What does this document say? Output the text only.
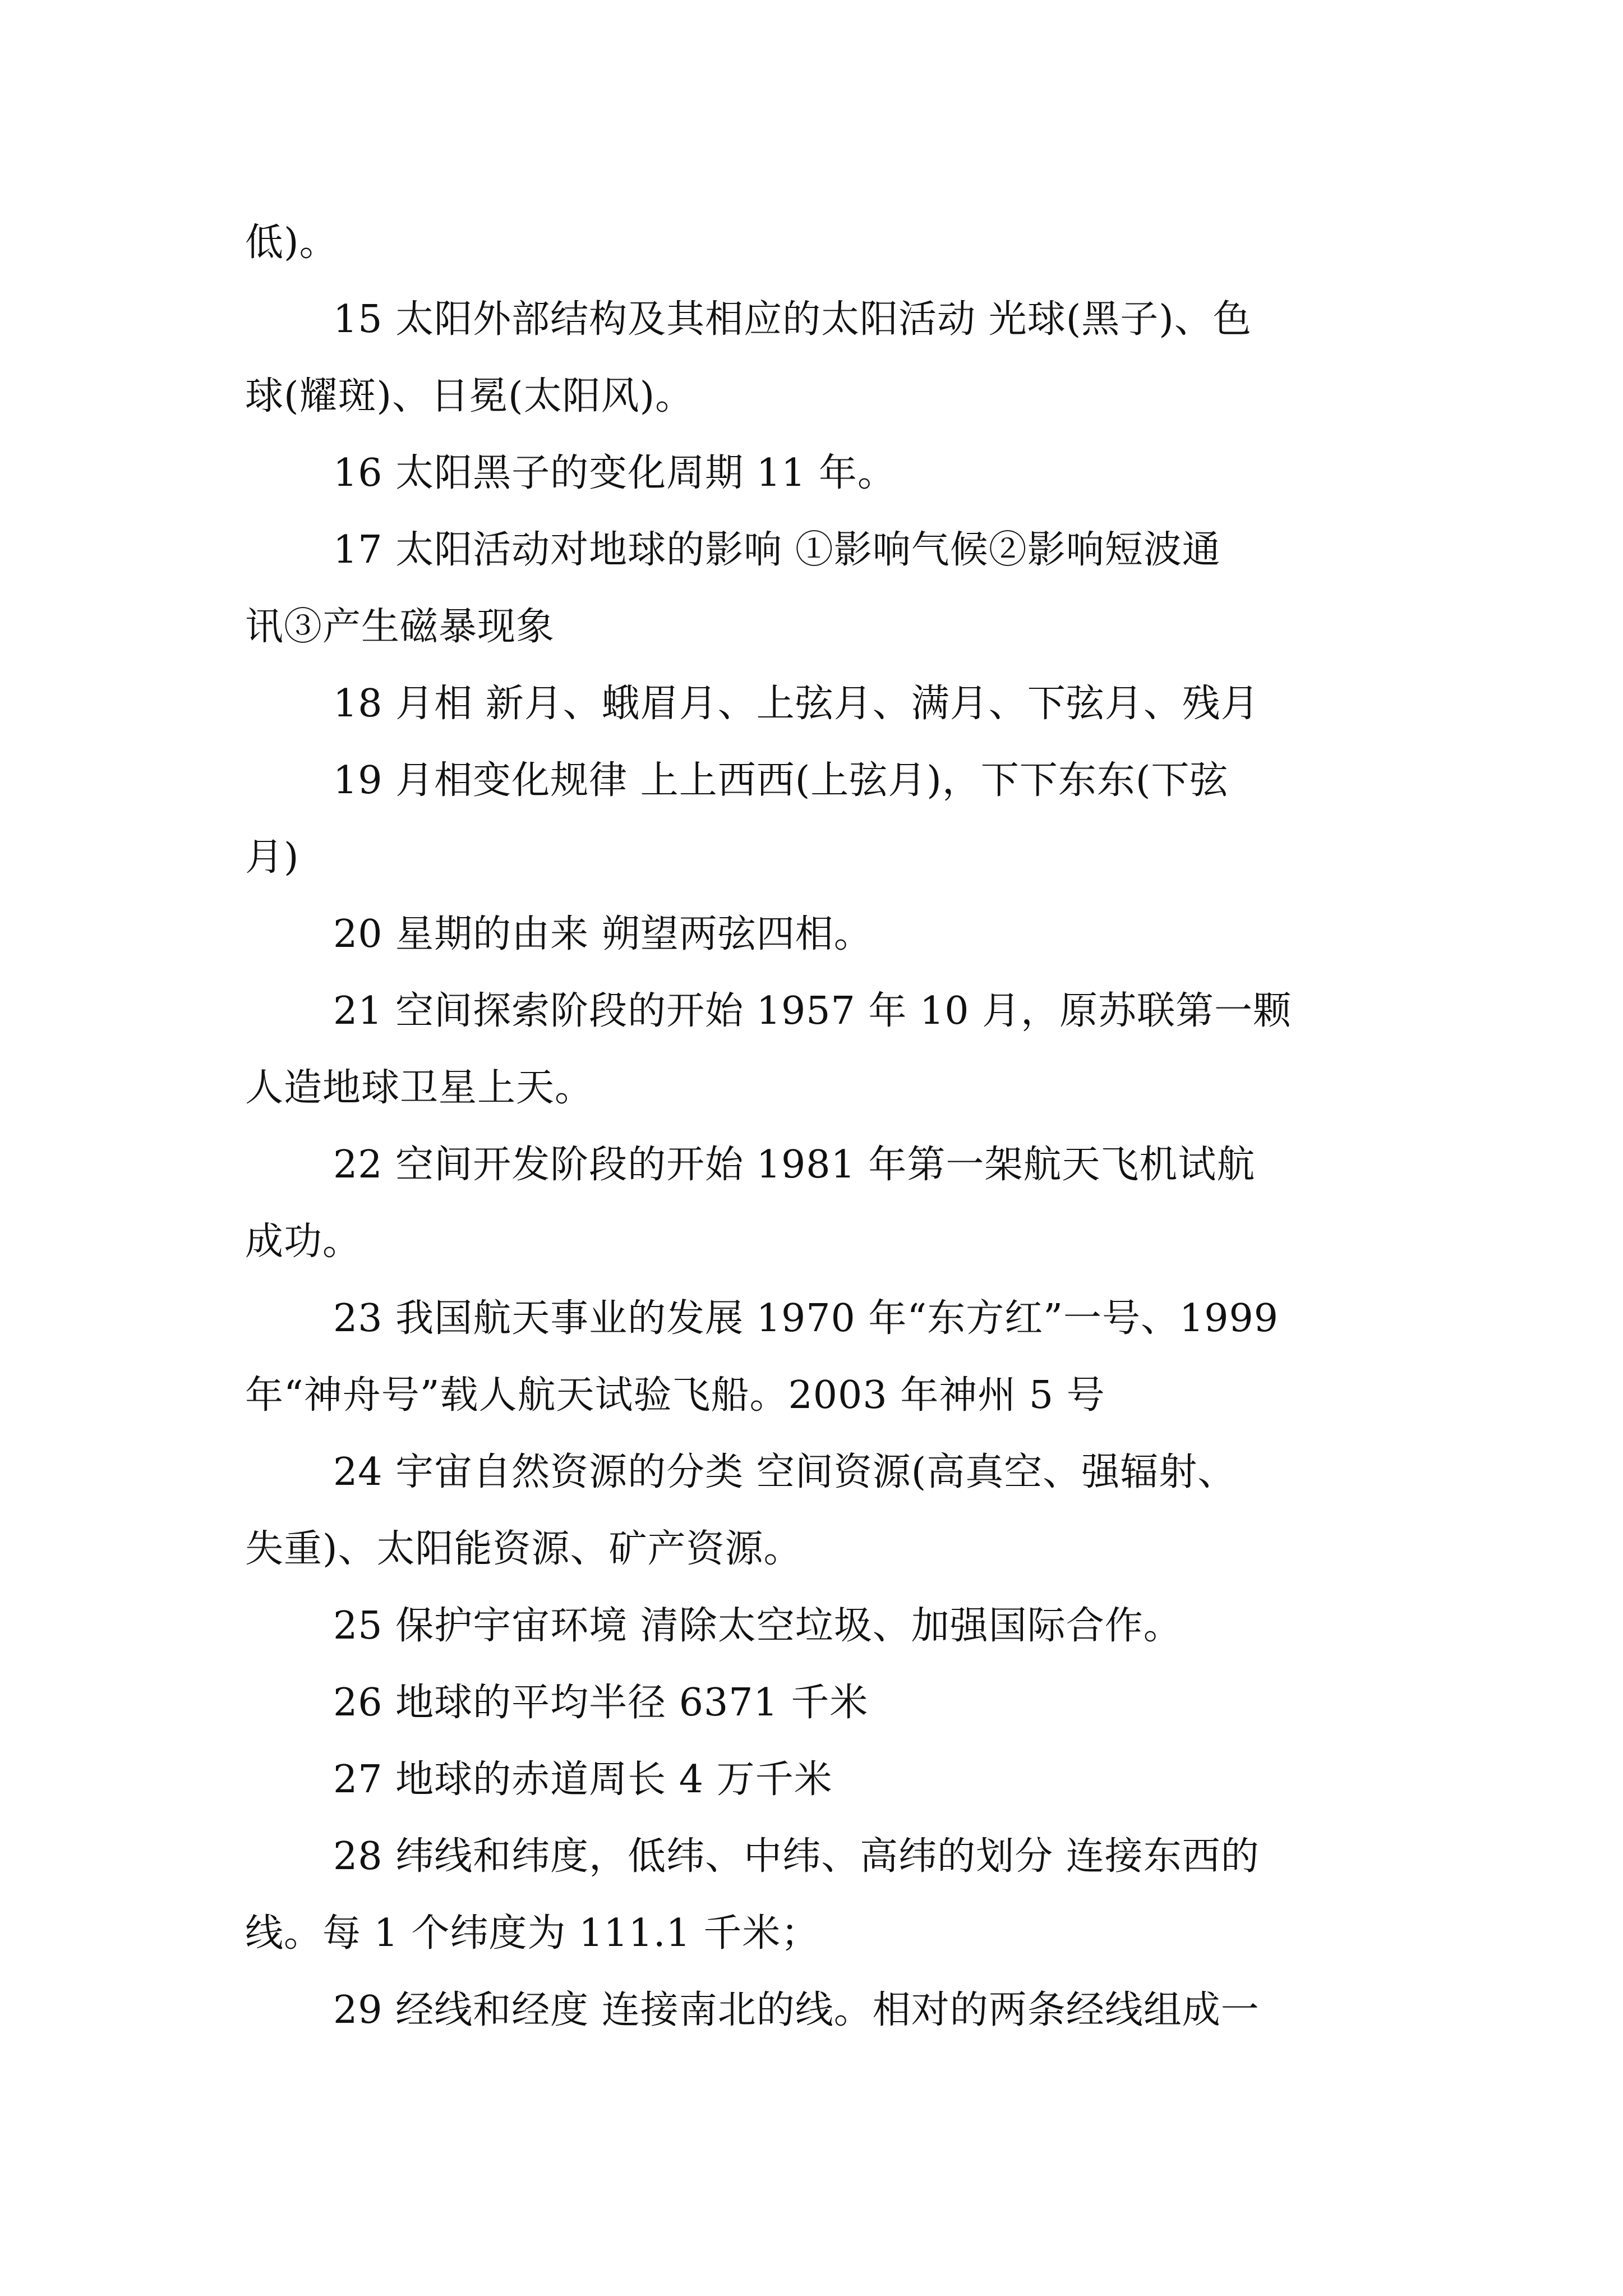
低)。
15 太阳外部结构及其相应的太阳活动 光球(黑子)、色
球(耀斑)、日冕(太阳风)。
16 太阳黑子的变化周期 11 年。
17 太阳活动对地球的影响 ①影响气候②影响短波通
讯③产生磁暴现象
18 月相 新月、蛾眉月、上弦月、满月、下弦月、残月
19 月相变化规律 上上西西(上弦月)，下下东东(下弦
月)
20 星期的由来 朔望两弦四相。
21 空间探索阶段的开始 1957 年 10 月，原苏联第一颗
人造地球卫星上天。
22 空间开发阶段的开始 1981 年第一架航天飞机试航
成功。
23 我国航天事业的发展 1970 年“东方红”一号、1999
年“神舟号”载人航天试验飞船。2003 年神州 5 号
24 宇宙自然资源的分类 空间资源(高真空、强辐射、
失重)、太阳能资源、矿产资源。
25 保护宇宙环境 清除太空垃圾、加强国际合作。
26 地球的平均半径 6371 千米
27 地球的赤道周长 4 万千米
28 纬线和纬度，低纬、中纬、高纬的划分 连接东西的
线。每 1 个纬度为 111.1 千米；
29 经线和经度 连接南北的线。相对的两条经线组成一
